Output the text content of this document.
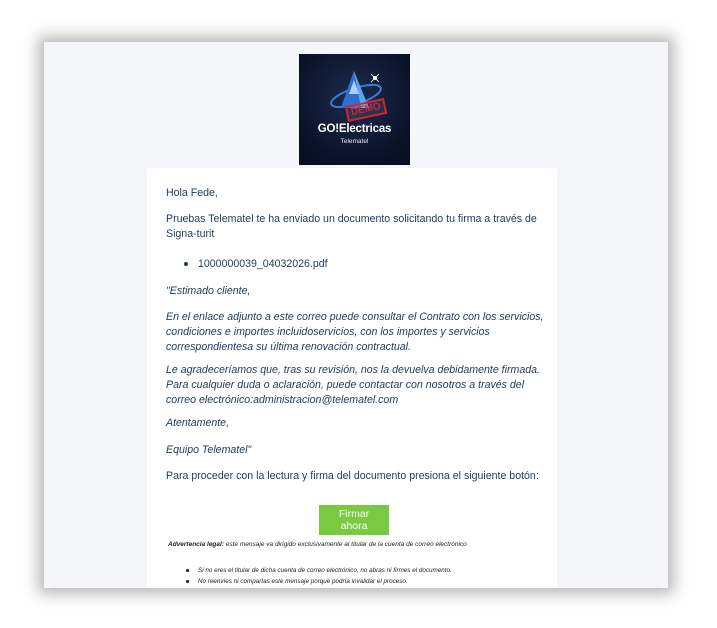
DEMO
GO!Electricas
Telematel
Hola Fede,
Pruebas Telematel te ha enviado un documento solicitando tu firma a través de Signa-turit
1000000039_04032026.pdf
"Estimado cliente,
En el enlace adjunto a este correo puede consultar el Contrato con los servicios, condiciones e importes incluidoservicios, con los importes y servicios correspondientesa su última renovación contractual.
Le agradeceríamos que, tras su revisión, nos la devuelva debidamente firmada. Para cualquier duda o aclaración, puede contactar con nosotros a través del correo electrónico:administracion@telematel.com
Atentamente,
Equipo Telematel"
Para proceder con la lectura y firma del documento presiona el siguiente botón:
Firmar ahora
Advertencia legal: este mensaje va dirigido exclusivamente al titular de la cuenta de correo electrónico
Si no eres el titular de dicha cuenta de correo electrónico, no abras ni firmes el documento.
No reenvíes ni compartas este mensaje porque podría invalidar el proceso.
